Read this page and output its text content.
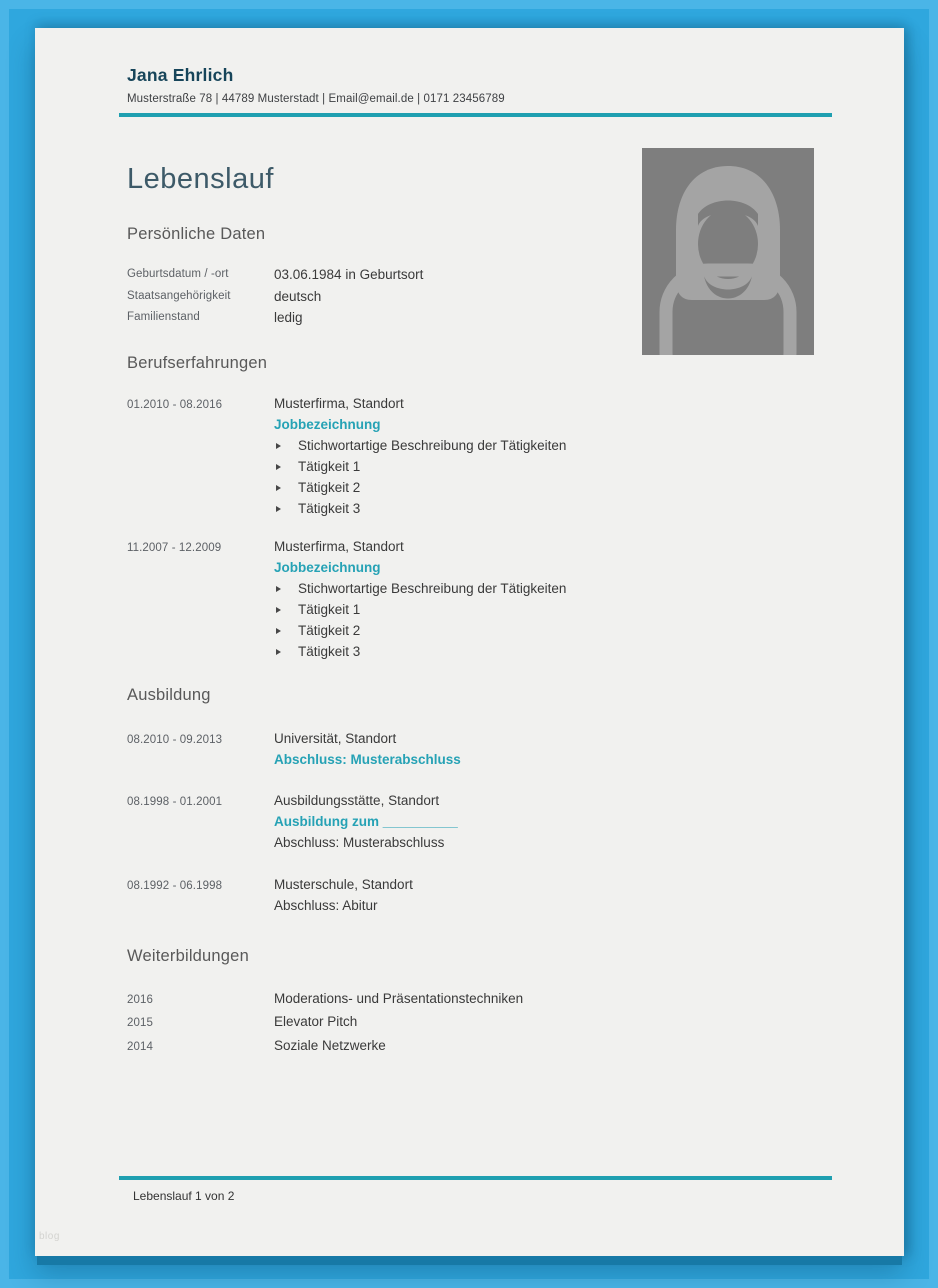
Jana Ehrlich
Musterstraße 78 | 44789 Musterstadt | Email@email.de | 0171 23456789
Lebenslauf
Persönliche Daten
Geburtsdatum / -ort	03.06.1984 in Geburtsort
Staatsangehörigkeit	deutsch
Familienstand	ledig
Berufserfahrungen
01.2010 - 08.2016	Musterfirma, Standort
Jobbezeichnung
Stichwortartige Beschreibung der Tätigkeiten
Tätigkeit 1
Tätigkeit 2
Tätigkeit 3
11.2007 - 12.2009	Musterfirma, Standort
Jobbezeichnung
Stichwortartige Beschreibung der Tätigkeiten
Tätigkeit 1
Tätigkeit 2
Tätigkeit 3
Ausbildung
08.2010 - 09.2013	Universität, Standort
Abschluss: Musterabschluss
08.1998 - 01.2001	Ausbildungsstätte, Standort
Ausbildung zum __________
Abschluss: Musterabschluss
08.1992 - 06.1998	Musterschule, Standort
Abschluss: Abitur
Weiterbildungen
2016	Moderations- und Präsentationstechniken
2015	Elevator Pitch
2014	Soziale Netzwerke
Lebenslauf 1 von 2
blog
